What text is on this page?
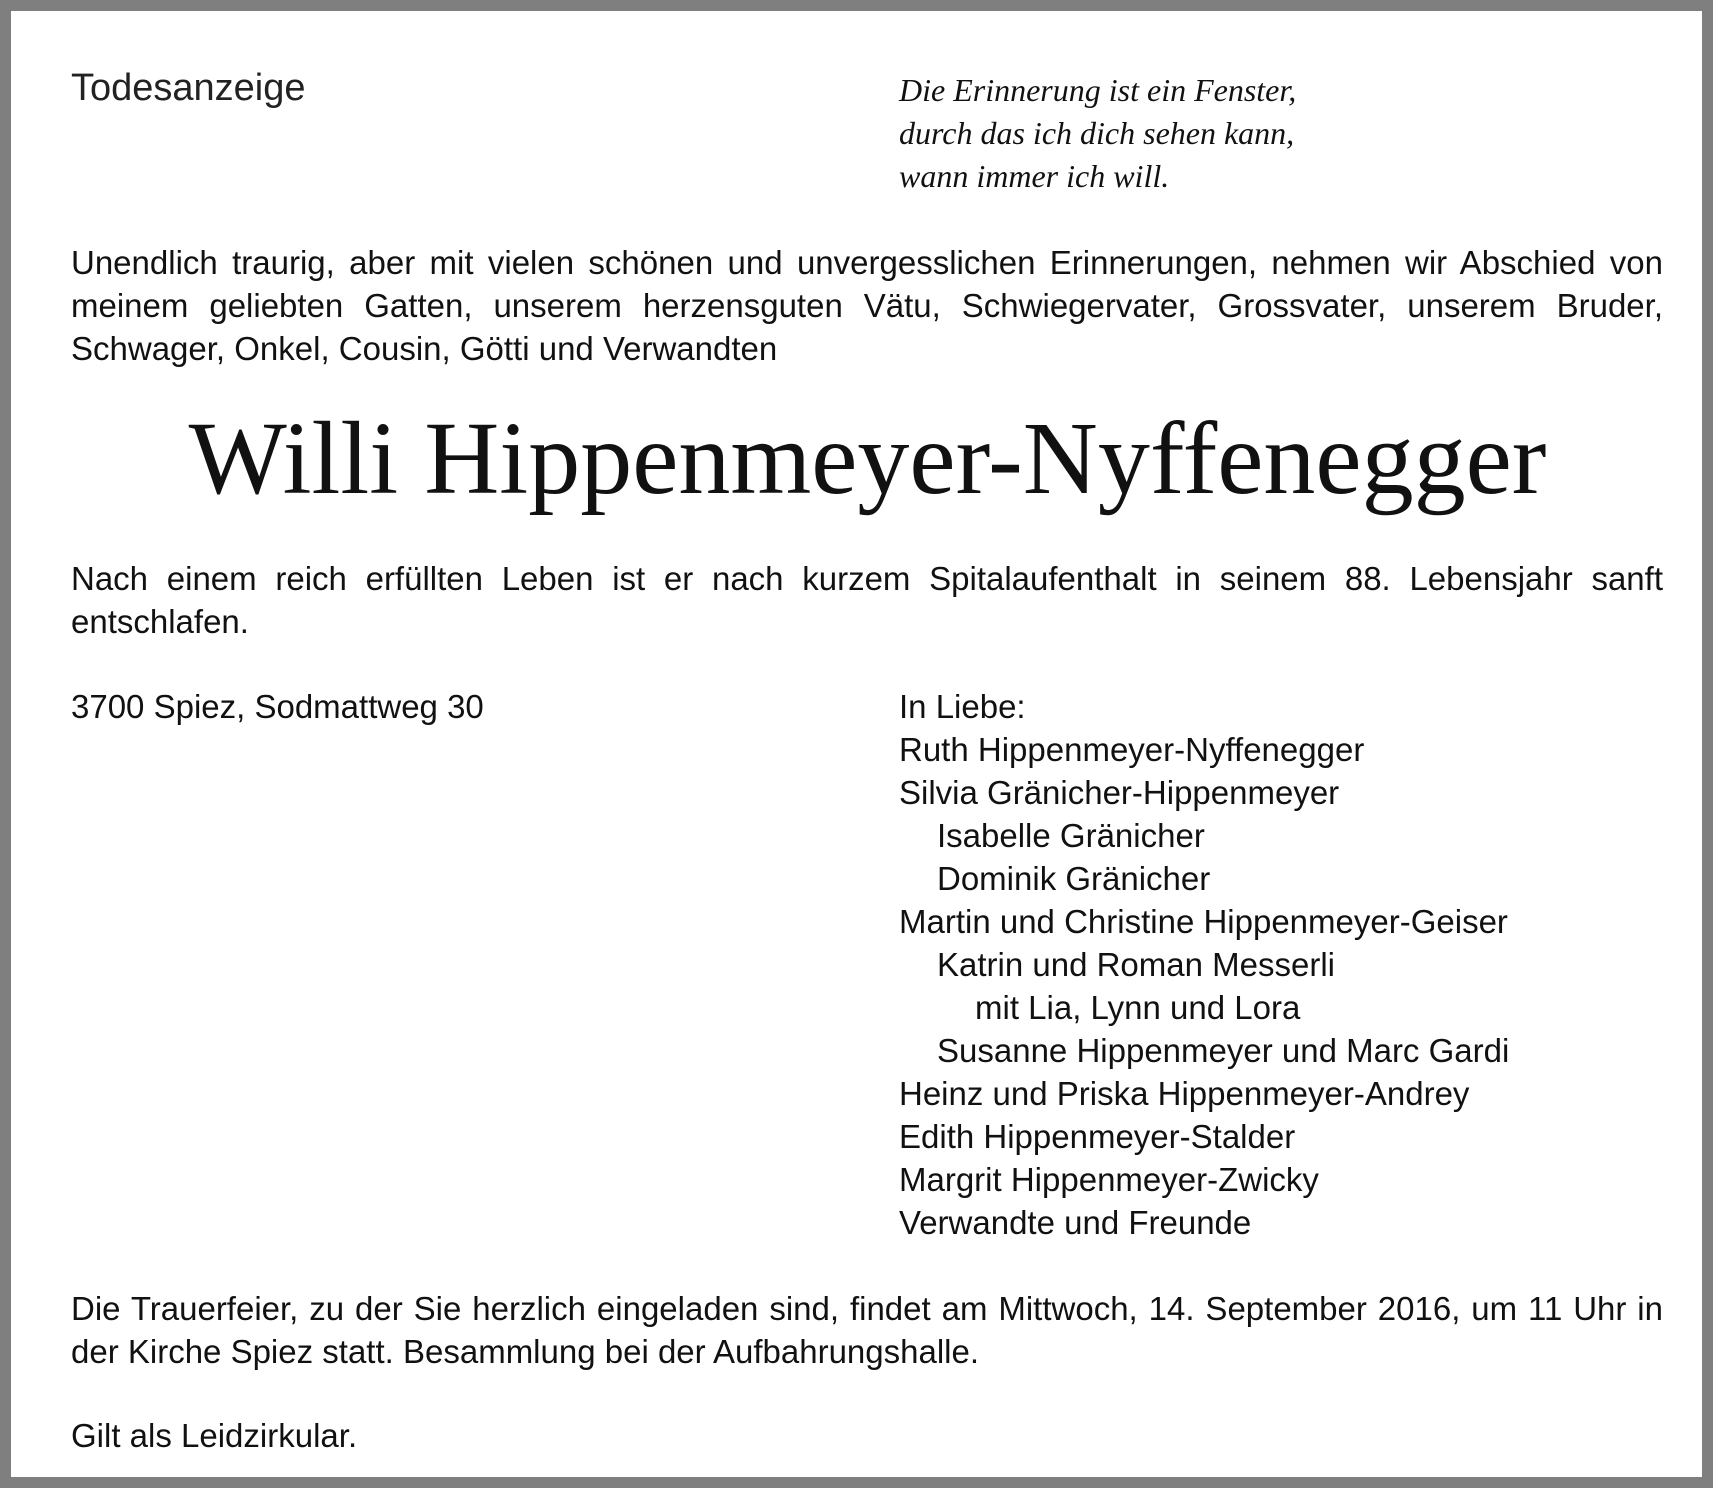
Todesanzeige	Die Erinnerung ist ein Fenster,
durch das ich dich sehen kann,
wann immer ich will.

Unendlich traurig, aber mit vielen schönen und unvergesslichen Erinnerungen, nehmen wir Abschied von meinem geliebten Gatten, unserem herzensguten Vätu, Schwiegervater, Grossvater, unserem Bruder, Schwager, Onkel, Cousin, Götti und Verwandten

Willi Hippenmeyer-Nyffenegger

Nach einem reich erfüllten Leben ist er nach kurzem Spitalaufenthalt in seinem 88. Lebensjahr sanft entschlafen.

3700 Spiez, Sodmattweg 30	In Liebe:
Ruth Hippenmeyer-Nyffenegger
Silvia Gränicher-Hippenmeyer
Isabelle Gränicher
Dominik Gränicher
Martin und Christine Hippenmeyer-Geiser
Katrin und Roman Messerli
mit Lia, Lynn und Lora
Susanne Hippenmeyer und Marc Gardi
Heinz und Priska Hippenmeyer-Andrey
Edith Hippenmeyer-Stalder
Margrit Hippenmeyer-Zwicky
Verwandte und Freunde

Die Trauerfeier, zu der Sie herzlich eingeladen sind, findet am Mittwoch, 14. September 2016, um 11 Uhr in der Kirche Spiez statt. Besammlung bei der Aufbahrungshalle.

Gilt als Leidzirkular.
